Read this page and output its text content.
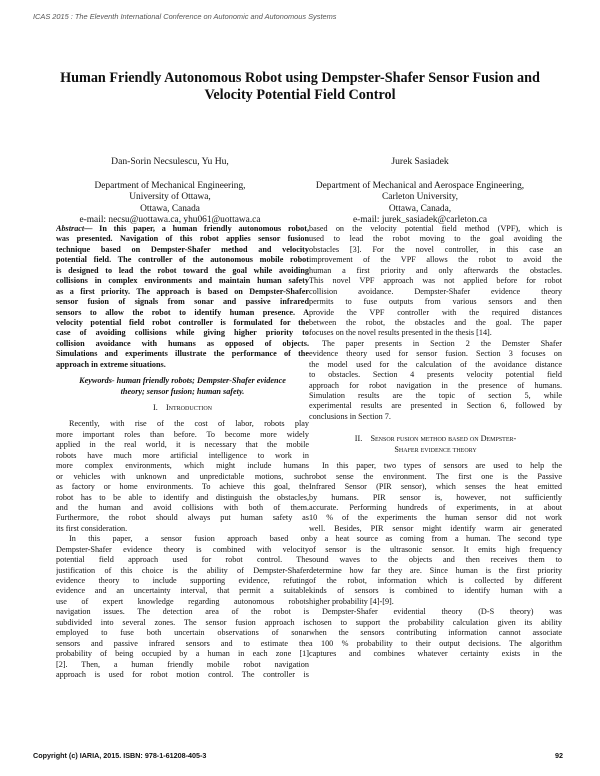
ICAS 2015 : The Eleventh International Conference on Autonomic and Autonomous Systems
Human Friendly Autonomous Robot using Dempster-Shafer Sensor Fusion and
Velocity Potential Field Control
Dan-Sorin Necsulescu, Yu Hu,
Department of Mechanical Engineering,
University of Ottawa,
Ottawa, Canada
e-mail: necsu@uottawa.ca, yhu061@uottawa.ca
Jurek Sasiadek
Department of Mechanical and Aerospace Engineering,
Carleton University,
Ottawa, Canada,
e-mail: jurek_sasiadek@carleton.ca
Abstract— In this paper, a human friendly autonomous robot,
was presented. Navigation of this robot applies sensor fusion
technique based on Dempster-Shafer method and velocity
potential field. The controller of the autonomous mobile robot
is designed to lead the robot toward the goal while avoiding
collisions in complex environments and maintain human safety
as a first priority. The approach is based on Dempster-Shafer
sensor fusion of signals from sonar and passive infrared
sensors to allow the robot to identify human presence. A
velocity potential field robot controller is formulated for the
case of avoiding collisions while giving higher priority to
collision avoidance with humans as opposed of objects.
Simulations and experiments illustrate the performance of the
approach in extreme situations.
Keywords- human friendly robots; Dempster-Shafer evidence
theory; sensor fusion; human safety.
I.  Introduction
Recently, with rise of the cost of labor, robots play
more important roles than before. To become more widely
applied in the real world, it is necessary that the mobile
robots have much more artificial intelligence to work in
more complex environments, which might include humans
or vehicles with unknown and unpredictable motions, such
as factory or home environments. To achieve this goal, the
robot has to be able to identify and distinguish the obstacles,
and the human and avoid collisions with both of them.
Furthermore, the robot should always put human safety as
its first consideration.
In this paper, a sensor fusion approach based on
Dempster-Shafer evidence theory is combined with velocity
potential field approach used for robot control. The
justification of this choice is the ability of Dempster-Shafer
evidence theory to include supporting evidence, refuting
evidence and an uncertainty interval, that permit a suitable
use of expert knowledge regarding autonomous robots
navigation issues. The detection area of the robot is
subdivided into several zones. The sensor fusion approach is
employed to fuse both uncertain observations of sonar
sensors and passive infrared sensors and to estimate the
probability of being occupied by a human in each zone [1]
[2]. Then, a human friendly mobile robot navigation
approach is used for robot motion control. The controller is
based on the velocity potential field method (VPF), which is
used to lead the robot moving to the goal avoiding the
obstacles [3]. For the novel controller, in this case an
improvement of the VPF allows the robot to avoid the
human a first priority and only afterwards the obstacles.
This novel VPF approach was not applied before for robot
collision avoidance. Dempster-Shafer evidence theory
permits to fuse outputs from various sensors and then
provide the VPF controller with the required distances
between the robot, the obstacles and the goal. The paper
focuses on the novel results presented in the thesis [14].
The paper presents in Section 2 the Demster Shafer
evidence theory used for sensor fusion. Section 3 focuses on
the model used for the calculation of the avoidance distance
to obstacles. Section 4 presents velocity potential field
approach for robot navigation in the presence of humans.
Simulation results are the topic of section 5, while
experimental results are presented in Section 6, followed by
conclusions in Section 7.
II. Sensor fusion method based on Dempster-
Shafer evidence theory
In this paper, two types of sensors are used to help the
robot sense the environment. The first one is the Passive
Infrared Sensor (PIR sensor), which senses the heat emitted
by humans. PIR sensor is, however, not sufficiently
accurate. Performing hundreds of experiments, in at about
10 % of the experiments the human sensor did not work
well. Besides, PIR sensor might identify warm air generated
by a heat source as coming from a human. The second type
of sensor is the ultrasonic sensor. It emits high frequency
sound waves to the objects and then receives them to
determine how far they are. Since human is the first priority
of the robot, information which is collected by different
kinds of sensors is combined to identify human with a
higher probability [4]-[9].
Dempster-Shafer evidential theory (D-S theory) was
chosen to support the probability calculation given its ability
when the sensors contributing information cannot associate
a 100 % probability to their output decisions. The algorithm
captures and combines whatever certainty exists in the
Copyright (c) IARIA, 2015. ISBN: 978-1-61208-405-3	92
